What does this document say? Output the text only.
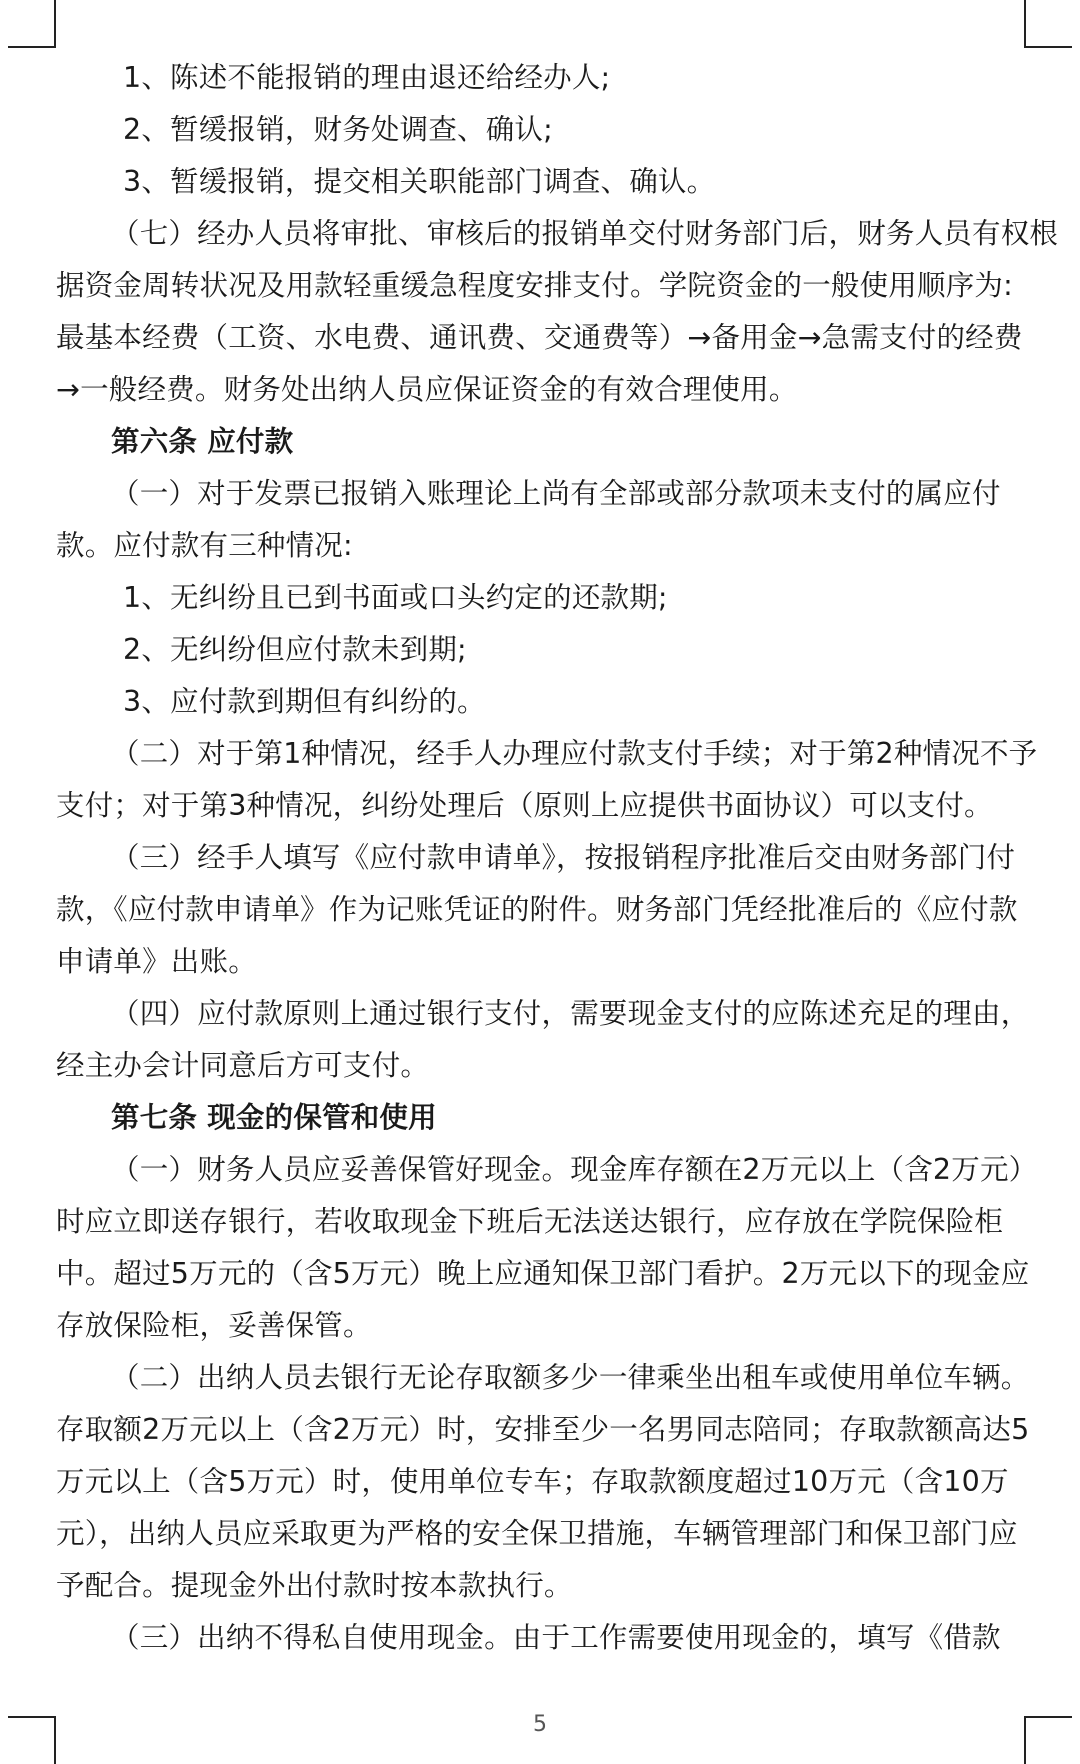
1、陈述不能报销的理由退还给经办人;
2、暂缓报销，财务处调查、确认;
3、暂缓报销，提交相关职能部门调查、确认。
（七）经办人员将审批、审核后的报销单交付财务部门后，财务人员有权根
据资金周转状况及用款轻重缓急程度安排支付。学院资金的一般使用顺序为:
最基本经费（工资、水电费、通讯费、交通费等）→备用金→急需支付的经费
→一般经费。财务处出纳人员应保证资金的有效合理使用。
第六条 应付款
（一）对于发票已报销入账理论上尚有全部或部分款项未支付的属应付
款。应付款有三种情况:
1、无纠纷且已到书面或口头约定的还款期;
2、无纠纷但应付款未到期;
3、应付款到期但有纠纷的。
（二）对于第1种情况，经手人办理应付款支付手续；对于第2种情况不予
支付；对于第3种情况，纠纷处理后（原则上应提供书面协议）可以支付。
（三）经手人填写《应付款申请单》，按报销程序批准后交由财务部门付
款，《应付款申请单》作为记账凭证的附件。财务部门凭经批准后的《应付款
申请单》出账。
（四）应付款原则上通过银行支付，需要现金支付的应陈述充足的理由，
经主办会计同意后方可支付。
第七条 现金的保管和使用
（一）财务人员应妥善保管好现金。现金库存额在2万元以上（含2万元）
时应立即送存银行，若收取现金下班后无法送达银行，应存放在学院保险柜
中。超过5万元的（含5万元）晚上应通知保卫部门看护。2万元以下的现金应
存放保险柜，妥善保管。
（二）出纳人员去银行无论存取额多少一律乘坐出租车或使用单位车辆。
存取额2万元以上（含2万元）时，安排至少一名男同志陪同；存取款额高达5
万元以上（含5万元）时，使用单位专车；存取款额度超过10万元（含10万
元），出纳人员应采取更为严格的安全保卫措施，车辆管理部门和保卫部门应
予配合。提现金外出付款时按本款执行。
（三）出纳不得私自使用现金。由于工作需要使用现金的，填写《借款
5
